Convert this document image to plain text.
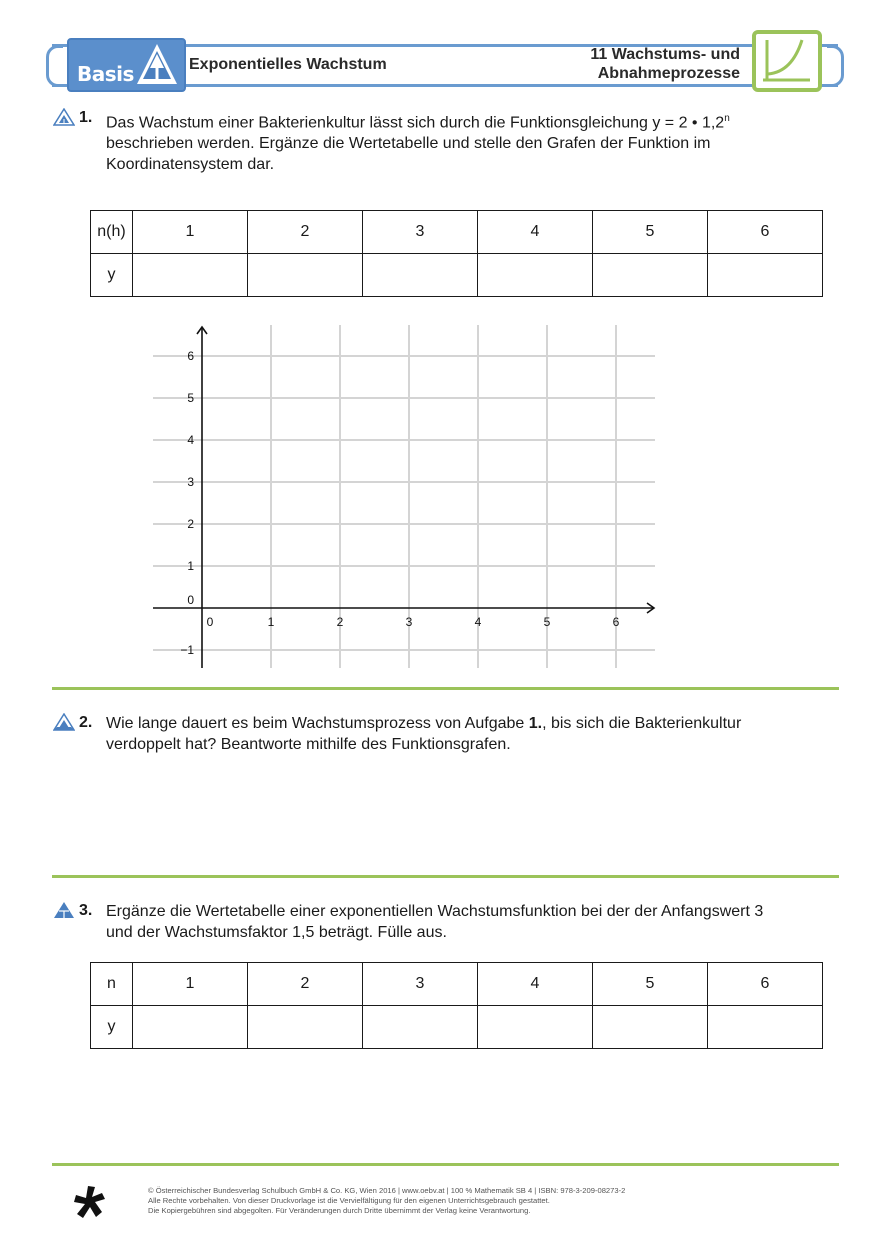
Basis	Exponentielles Wachstum
11 Wachstums- und
Abnahmeprozesse
1. Das Wachstum einer Bakterienkultur lässt sich durch die Funktionsgleichung y = 2 • 1,2$^n$
beschrieben werden. Ergänze die Wertetabelle und stelle den Grafen der Funktion im
Koordinatensystem dar.
n(h)	1	2	3	4	5	6
y						
0	1	2	3	4	5	6
−1
0
1
2
3
4
5
6
2. Wie lange dauert es beim Wachstumsprozess von Aufgabe 1., bis sich die Bakterienkultur
verdoppelt hat? Beantworte mithilfe des Funktionsgrafen.
3. Ergänze die Wertetabelle einer exponentiellen Wachstumsfunktion bei der der Anfangswert 3
und der Wachstumsfaktor 1,5 beträgt. Fülle aus.
n	1	2	3	4	5	6
y						
© Österreichischer Bundesverlag Schulbuch GmbH & Co. KG, Wien 2016 | www.oebv.at | 100 % Mathematik SB 4 | ISBN: 978-3-209-08273-2
Alle Rechte vorbehalten. Von dieser Druckvorlage ist die Vervielfältigung für den eigenen Unterrichtsgebrauch gestattet.
Die Kopiergebühren sind abgegolten. Für Veränderungen durch Dritte übernimmt der Verlag keine Verantwortung.
